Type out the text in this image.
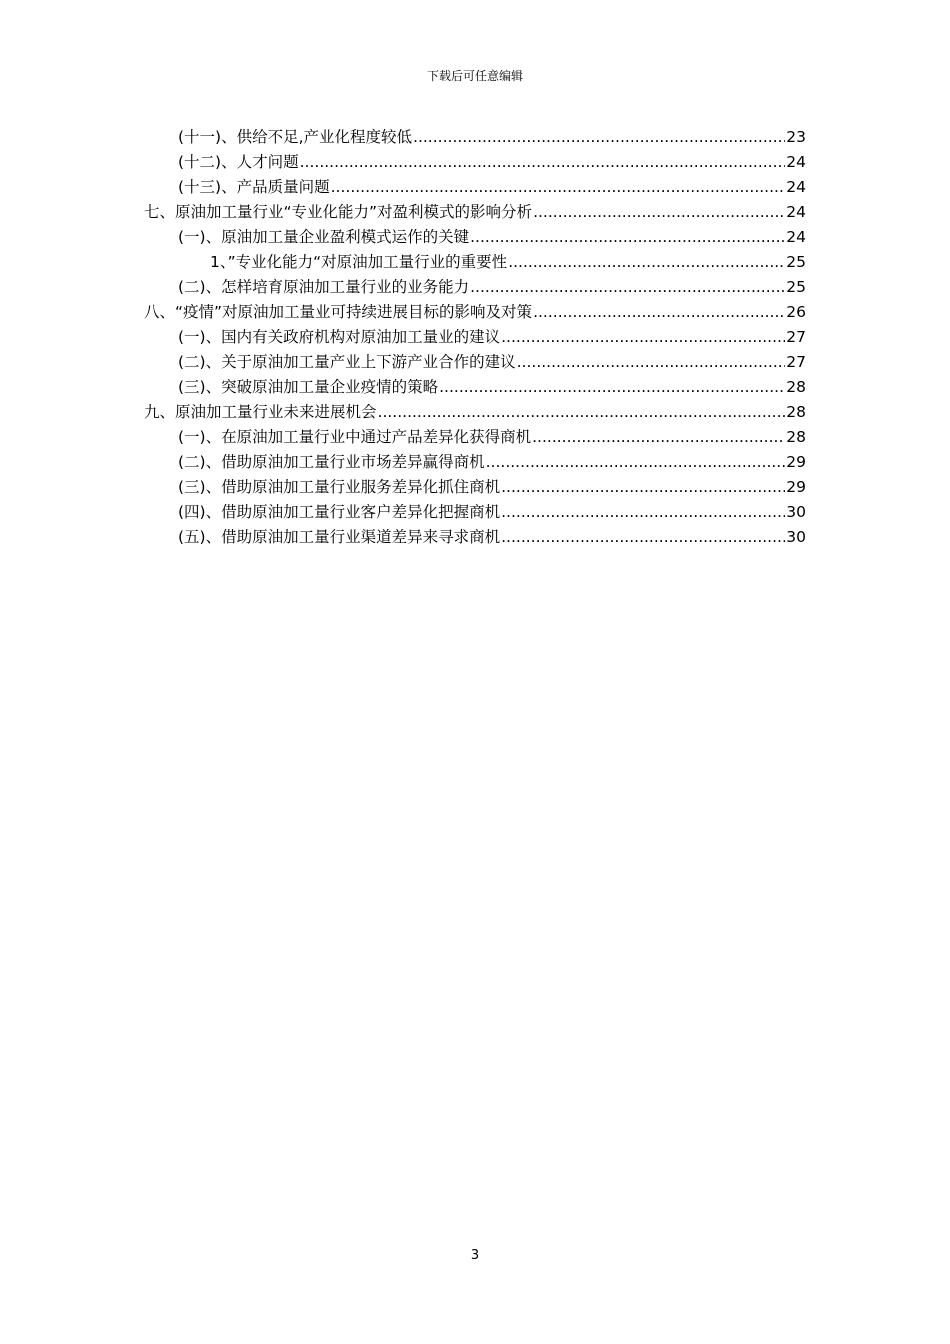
下载后可任意编辑
(十一)、供给不足,产业化程度较低 .....	23
(十二)、人才问题 .....	24
(十三)、产品质量问题 .....	24
七、原油加工量行业“专业化能力”对盈利模式的影响分析 .....	24
(一)、原油加工量企业盈利模式运作的关键 .....	24
1、”专业化能力“对原油加工量行业的重要性 .....	25
(二)、怎样培育原油加工量行业的业务能力 .....	25
八、“疫情”对原油加工量业可持续进展目标的影响及对策 .....	26
(一)、国内有关政府机构对原油加工量业的建议 .....	27
(二)、关于原油加工量产业上下游产业合作的建议 .....	27
(三)、突破原油加工量企业疫情的策略 .....	28
九、原油加工量行业未来进展机会 .....	28
(一)、在原油加工量行业中通过产品差异化获得商机 .....	28
(二)、借助原油加工量行业市场差异赢得商机 .....	29
(三)、借助原油加工量行业服务差异化抓住商机 .....	29
(四)、借助原油加工量行业客户差异化把握商机 .....	30
(五)、借助原油加工量行业渠道差异来寻求商机 .....	30
3
